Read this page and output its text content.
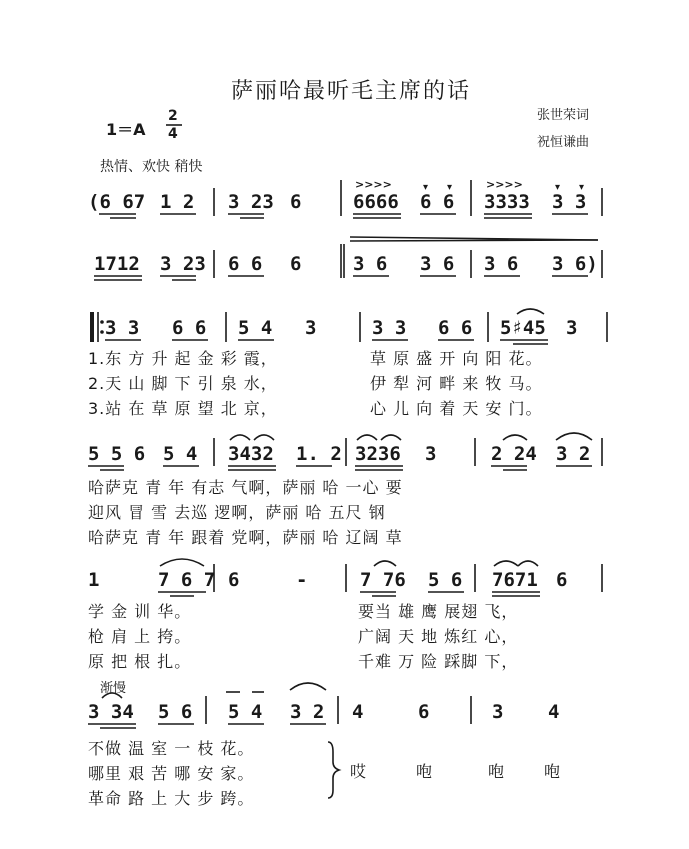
萨丽哈最听毛主席的话
张世荣词
祝恒谦曲
1＝A
2
4
热情、欢快 稍快
(6 67 1 2 3 23 6	6666 6 6 3333 3 3
>>>>	>>>>
1712 3 23 6 6 6	3 6 3 6 3 6 3 6)
3 3 6 6 5 4 3	3 3 6 6 5♯45 3
1.东 方 升 起 金 彩 霞，
2.天 山 脚 下 引 泉 水，
3.站 在 草 原 望 北 京，
草 原 盛 开 向 阳 花。
伊 犁 河 畔 来 牧 马。
心 儿 向 着 天 安 门。
5 5 6 5 4 3432 1. 2 3236 3	2 24 3 2
哈萨克 青 年 有志 气啊，萨丽 哈 一心 要
迎风 冒 雪 去巡 逻啊，萨丽 哈 五尺 钢
哈萨克 青 年 跟着 党啊，萨丽 哈 辽阔 草
1	7 6 7 6	-	7 76 5 6 7671 6
学 金 训 华。
枪 肩 上 挎。
原 把 根 扎。
要当 雄 鹰 展翅 飞，
广阔 天 地 炼红 心，
千难 万 险 踩脚 下，
渐慢
3 34 5 6 5 4 3 2 4	6	3 4
不做 温 室 一 枝 花。
哪里 艰 苦 哪 安 家。
革命 路 上 大 步 跨。
哎	咆	咆 咆
▾ ▾	▾ ▾
